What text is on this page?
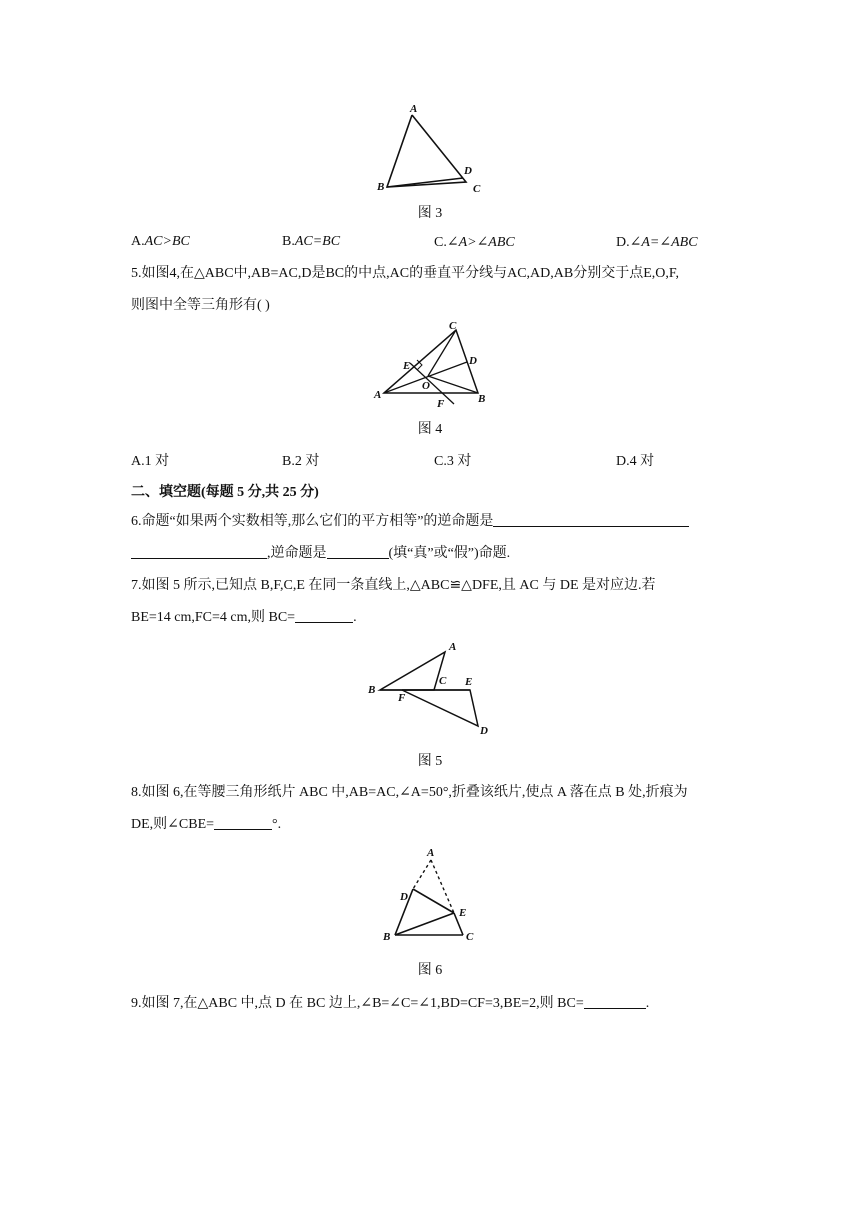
A
B	C
D
图 3
A.AC>BC	B.AC=BC	C.∠A>∠ABC	D.∠A=∠ABC
5.如图4,在△ABC中,AB=AC,D是BC的中点,AC的垂直平分线与AC,AD,AB分别交于点E,O,F,
则图中全等三角形有( )
C
E	D
O
A	B
F
图 4
A.1 对	B.2 对	C.3 对	D.4 对
二、填空题(每题 5 分,共 25 分)
6.命题“如果两个实数相等,那么它们的平方相等”的逆命题是
,逆命题是	(填“真”或“假”)命题.
7.如图 5 所示,已知点 B,F,C,E 在同一条直线上,△ABC≌△DFE,且 AC 与 DE 是对应边.若
BE=14 cm,FC=4 cm,则 BC=	.
A
B
C E
F
D
图 5
8.如图 6,在等腰三角形纸片 ABC 中,AB=AC,∠A=50°,折叠该纸片,使点 A 落在点 B 处,折痕为
DE,则∠CBE=	°.
A
D
E
B	C
图 6
9.如图 7,在△ABC 中,点 D 在 BC 边上,∠B=∠C=∠1,BD=CF=3,BE=2,则 BC=	.
